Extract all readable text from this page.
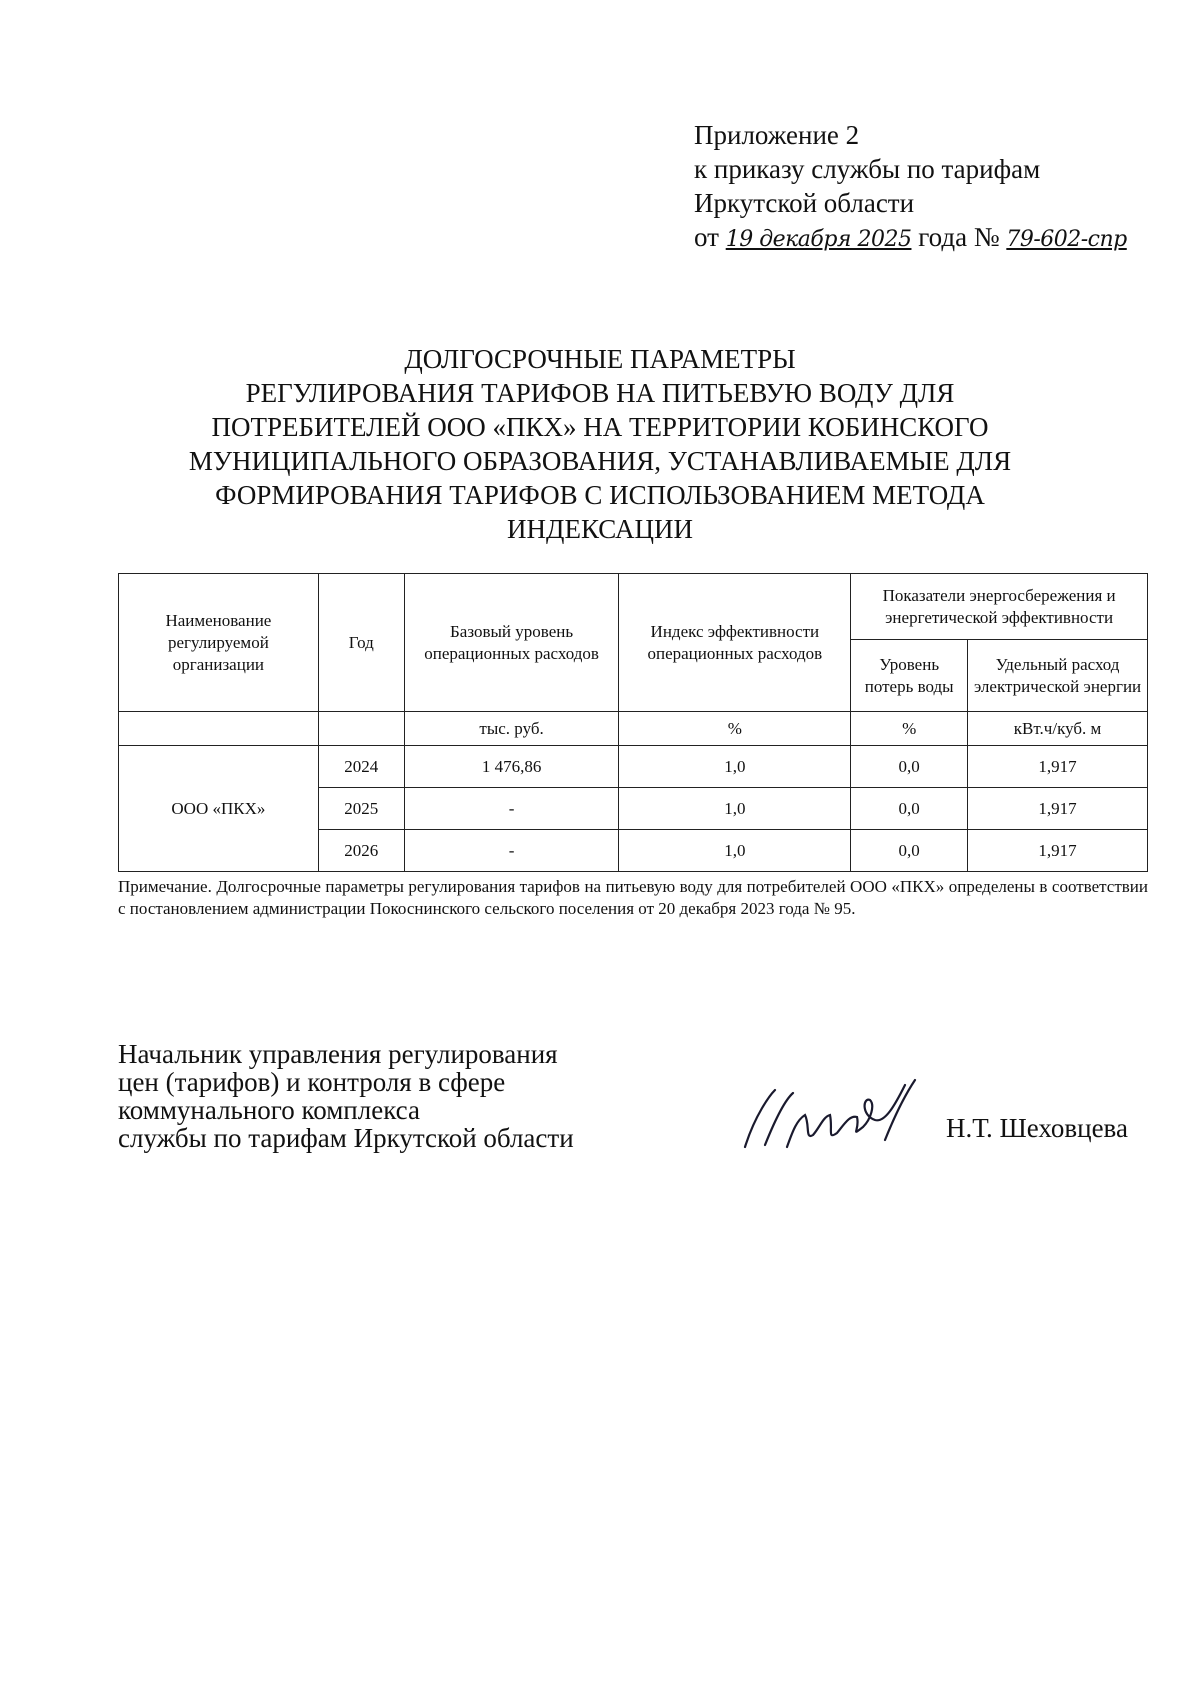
Приложение 2
к приказу службы по тарифам
Иркутской области
от 19 декабря 2025 года № 79-602-спр
ДОЛГОСРОЧНЫЕ ПАРАМЕТРЫ
РЕГУЛИРОВАНИЯ ТАРИФОВ НА ПИТЬЕВУЮ ВОДУ ДЛЯ
ПОТРЕБИТЕЛЕЙ ООО «ПКХ» НА ТЕРРИТОРИИ КОБИНСКОГО
МУНИЦИПАЛЬНОГО ОБРАЗОВАНИЯ, УСТАНАВЛИВАЕМЫЕ ДЛЯ
ФОРМИРОВАНИЯ ТАРИФОВ С ИСПОЛЬЗОВАНИЕМ МЕТОДА
ИНДЕКСАЦИИ
Наименование регулируемой организации	Год	Базовый уровень операционных расходов	Индекс эффективности операционных расходов	Показатели энергосбережения и энергетической эффективности	
				Уровень потерь воды	Удельный расход электрической энергии
		тыс. руб.	%	%	кВт.ч/куб. м
ООО «ПКХ»	2024	1 476,86	1,0	0,0	1,917
	2025	-	1,0	0,0	1,917
	2026	-	1,0	0,0	1,917
Примечание. Долгосрочные параметры регулирования тарифов на питьевую воду для потребителей ООО «ПКХ» определены в соответствии с постановлением администрации Покоснинского сельского поселения от 20 декабря 2023 года № 95.
Начальник управления регулирования
цен (тарифов) и контроля в сфере
коммунального комплекса
службы по тарифам Иркутской области	Н.Т. Шеховцева
